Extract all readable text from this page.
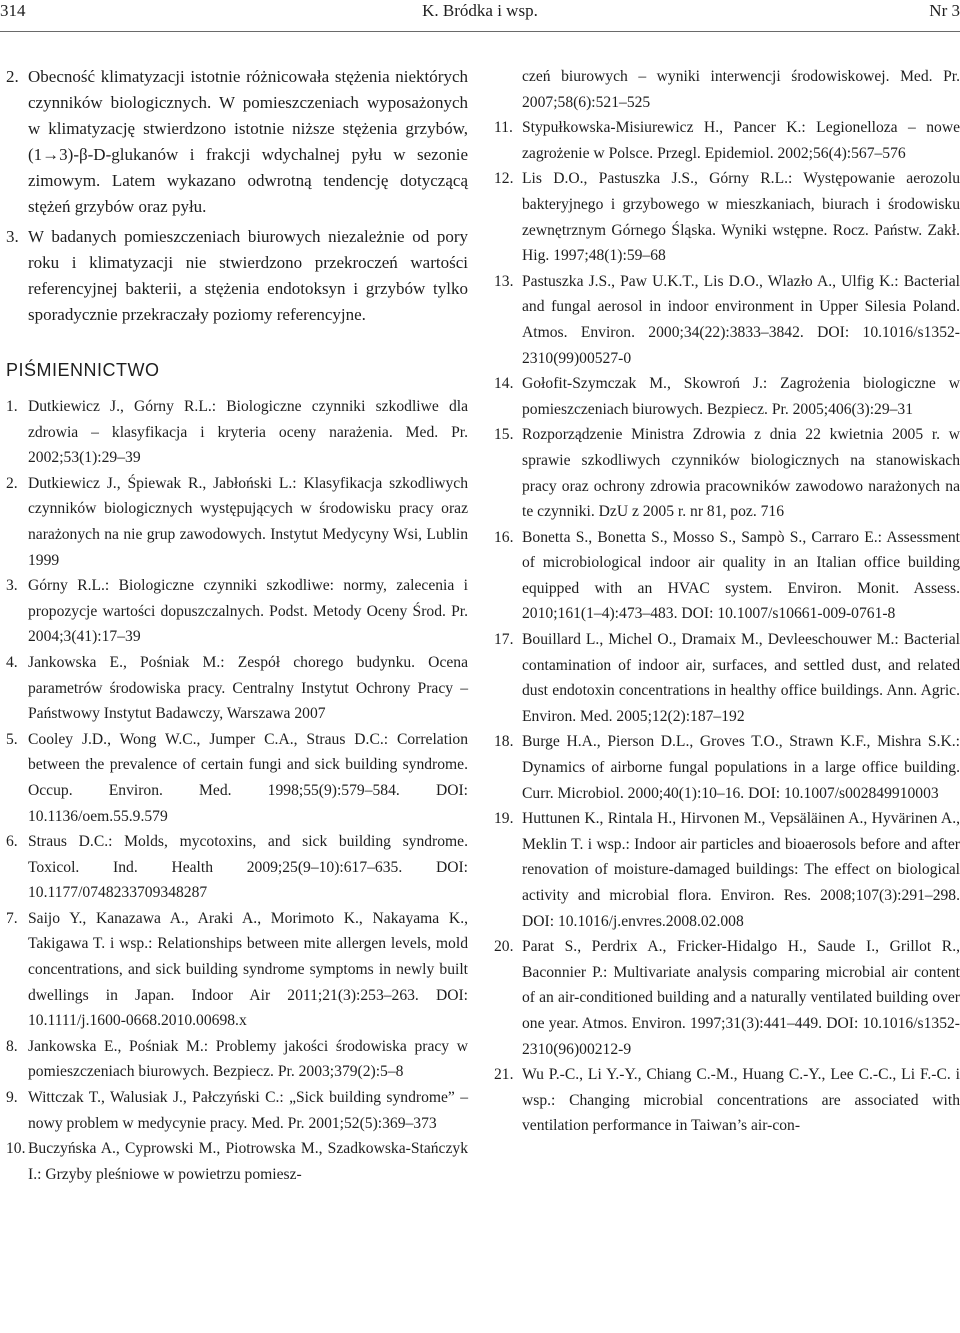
314	K. Bródka i wsp.	Nr 3
2. Obecność klimatyzacji istotnie różnicowała stężenia niektórych czynników biologicznych. W pomieszczeniach wyposażonych w klimatyzację stwierdzono istotnie niższe stężenia grzybów, (1→3)-β-D-glukanów i frakcji wdychalnej pyłu w sezonie zimowym. Latem wykazano odwrotną tendencję dotyczącą stężeń grzybów oraz pyłu.
3. W badanych pomieszczeniach biurowych niezależnie od pory roku i klimatyzacji nie stwierdzono przekroczeń wartości referencyjnej bakterii, a stężenia endotoksyn i grzybów tylko sporadycznie przekraczały poziomy referencyjne.
PIŚMIENNICTWO
1. Dutkiewicz J., Górny R.L.: Biologiczne czynniki szkodliwe dla zdrowia – klasyfikacja i kryteria oceny narażenia. Med. Pr. 2002;53(1):29–39
2. Dutkiewicz J., Śpiewak R., Jabłoński L.: Klasyfikacja szkodliwych czynników biologicznych występujących w środowisku pracy oraz narażonych na nie grup zawodowych. Instytut Medycyny Wsi, Lublin 1999
3. Górny R.L.: Biologiczne czynniki szkodliwe: normy, zalecenia i propozycje wartości dopuszczalnych. Podst. Metody Oceny Środ. Pr. 2004;3(41):17–39
4. Jankowska E., Pośniak M.: Zespół chorego budynku. Ocena parametrów środowiska pracy. Centralny Instytut Ochrony Pracy – Państwowy Instytut Badawczy, Warszawa 2007
5. Cooley J.D., Wong W.C., Jumper C.A., Straus D.C.: Correlation between the prevalence of certain fungi and sick building syndrome. Occup. Environ. Med. 1998;55(9):579–584. DOI: 10.1136/oem.55.9.579
6. Straus D.C.: Molds, mycotoxins, and sick building syndrome. Toxicol. Ind. Health 2009;25(9–10):617–635. DOI: 10.1177/0748233709348287
7. Saijo Y., Kanazawa A., Araki A., Morimoto K., Nakayama K., Takigawa T. i wsp.: Relationships between mite allergen levels, mold concentrations, and sick building syndrome symptoms in newly built dwellings in Japan. Indoor Air 2011;21(3):253–263. DOI: 10.1111/j.1600-0668.2010.00698.x
8. Jankowska E., Pośniak M.: Problemy jakości środowiska pracy w pomieszczeniach biurowych. Bezpiecz. Pr. 2003;379(2):5–8
9. Wittczak T., Walusiak J., Pałczyński C.: „Sick building syndrome” – nowy problem w medycynie pracy. Med. Pr. 2001;52(5):369–373
10. Buczyńska A., Cyprowski M., Piotrowska M., Szadkowska-Stańczyk I.: Grzyby pleśniowe w powietrzu pomiesz-
czeń biurowych – wyniki interwencji środowiskowej. Med. Pr. 2007;58(6):521–525
11. Stypułkowska-Misiurewicz H., Pancer K.: Legionelloza – nowe zagrożenie w Polsce. Przegl. Epidemiol. 2002;56(4):567–576
12. Lis D.O., Pastuszka J.S., Górny R.L.: Występowanie aerozolu bakteryjnego i grzybowego w mieszkaniach, biurach i środowisku zewnętrznym Górnego Śląska. Wyniki wstępne. Rocz. Państw. Zakł. Hig. 1997;48(1):59–68
13. Pastuszka J.S., Paw U.K.T., Lis D.O., Wlazło A., Ulfig K.: Bacterial and fungal aerosol in indoor environment in Upper Silesia Poland. Atmos. Environ. 2000;34(22):3833–3842. DOI: 10.1016/s1352-2310(99)00527-0
14. Gołofit-Szymczak M., Skowroń J.: Zagrożenia biologiczne w pomieszczeniach biurowych. Bezpiecz. Pr. 2005;406(3):29–31
15. Rozporządzenie Ministra Zdrowia z dnia 22 kwietnia 2005 r. w sprawie szkodliwych czynników biologicznych na stanowiskach pracy oraz ochrony zdrowia pracowników zawodowo narażonych na te czynniki. DzU z 2005 r. nr 81, poz. 716
16. Bonetta S., Bonetta S., Mosso S., Sampò S., Carraro E.: Assessment of microbiological indoor air quality in an Italian office building equipped with an HVAC system. Environ. Monit. Assess. 2010;161(1–4):473–483. DOI: 10.1007/s10661-009-0761-8
17. Bouillard L., Michel O., Dramaix M., Devleeschouwer M.: Bacterial contamination of indoor air, surfaces, and settled dust, and related dust endotoxin concentrations in healthy office buildings. Ann. Agric. Environ. Med. 2005;12(2):187–192
18. Burge H.A., Pierson D.L., Groves T.O., Strawn K.F., Mishra S.K.: Dynamics of airborne fungal populations in a large office building. Curr. Microbiol. 2000;40(1):10–16. DOI: 10.1007/s002849910003
19. Huttunen K., Rintala H., Hirvonen M., Vepsäläinen A., Hyvärinen A., Meklin T. i wsp.: Indoor air particles and bioaerosols before and after renovation of moisture-damaged buildings: The effect on biological activity and microbial flora. Environ. Res. 2008;107(3):291–298. DOI: 10.1016/j.envres.2008.02.008
20. Parat S., Perdrix A., Fricker-Hidalgo H., Saude I., Grillot R., Baconnier P.: Multivariate analysis comparing microbial air content of an air-conditioned building and a naturally ventilated building over one year. Atmos. Environ. 1997;31(3):441–449. DOI: 10.1016/s1352-2310(96)00212-9
21. Wu P.-C., Li Y.-Y., Chiang C.-M., Huang C.-Y., Lee C.-C., Li F.-C. i wsp.: Changing microbial concentrations are associated with ventilation performance in Taiwan’s air-con-
